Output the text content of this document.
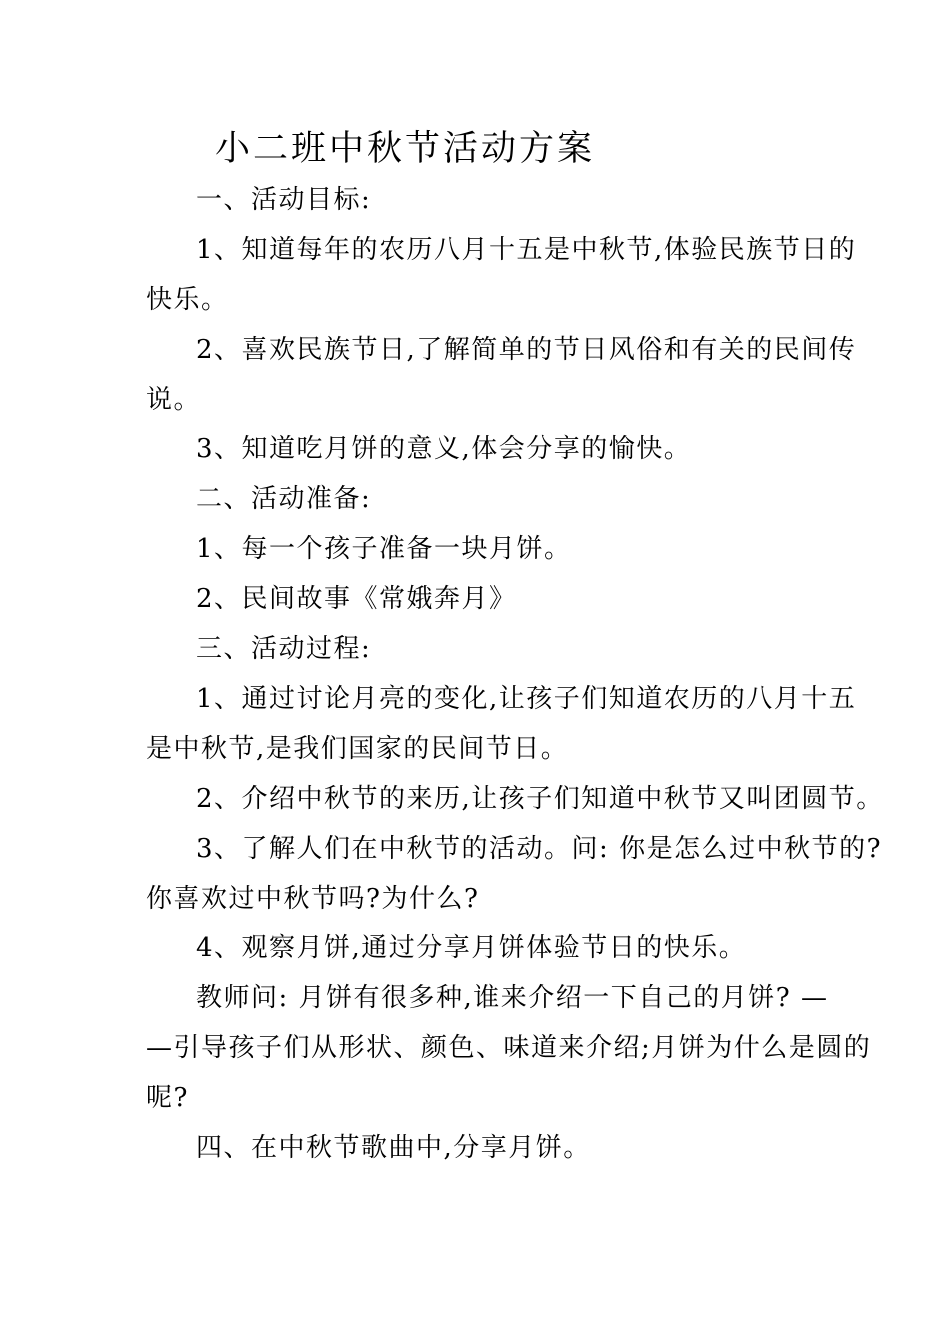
小二班中秋节活动方案
一、活动目标:
1、知道每年的农历八月十五是中秋节,体验民族节日的
快乐。
2、喜欢民族节日,了解简单的节日风俗和有关的民间传
说。
3、知道吃月饼的意义,体会分享的愉快。
二、活动准备:
1、每一个孩子准备一块月饼。
2、民间故事《常娥奔月》
三、活动过程:
1、通过讨论月亮的变化,让孩子们知道农历的八月十五
是中秋节,是我们国家的民间节日。
2、介绍中秋节的来历,让孩子们知道中秋节又叫团圆节。
3、了解人们在中秋节的活动。问: 你是怎么过中秋节的?
你喜欢过中秋节吗?为什么?
4、观察月饼,通过分享月饼体验节日的快乐。
教师问: 月饼有很多种,谁来介绍一下自己的月饼? —
—引导孩子们从形状、颜色、味道来介绍;月饼为什么是圆的
呢?
四、在中秋节歌曲中,分享月饼。
